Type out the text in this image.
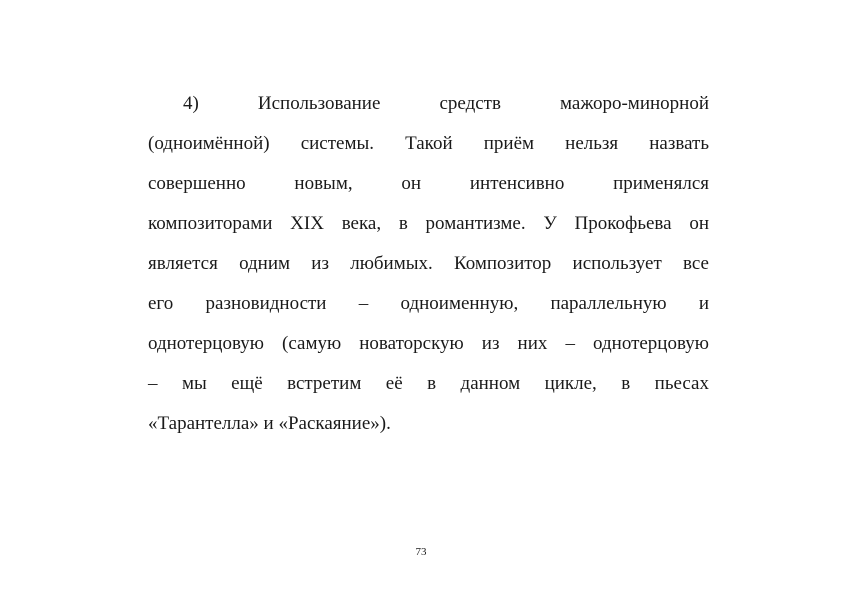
4) Использование средств мажоро-минорной
(одноимённой) системы. Такой приём нельзя назвать
совершенно новым, он интенсивно применялся
композиторами XIX века, в романтизме. У Прокофьева он
является одним из любимых. Композитор использует все
его разновидности – одноименную, параллельную и
однотерцовую (самую новаторскую из них – однотерцовую
– мы ещё встретим её в данном цикле, в пьесах
«Тарантелла» и «Раскаяние»).

73
